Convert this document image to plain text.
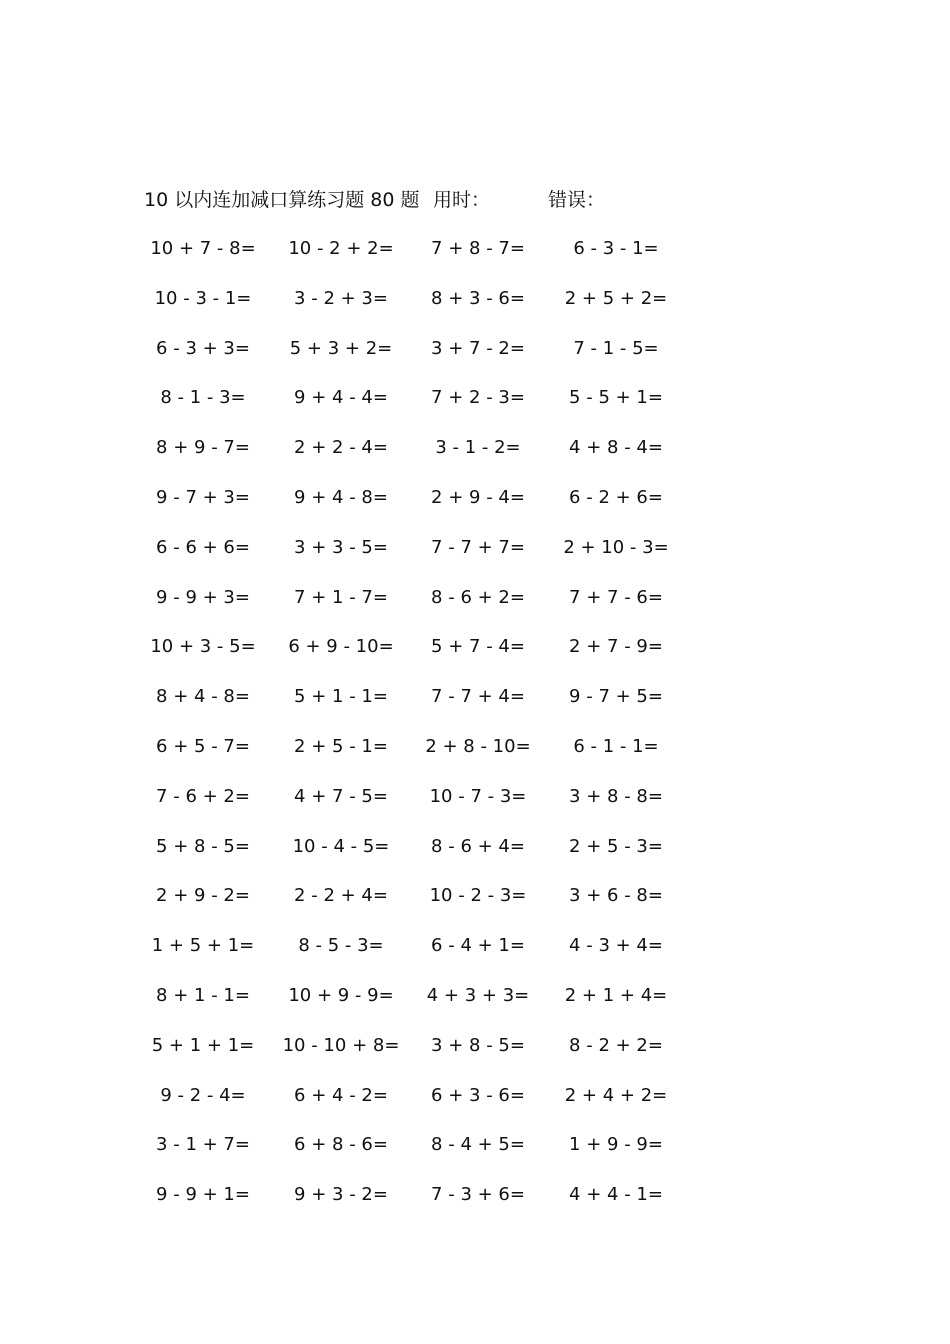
10 以内连加减口算练习题 80 题 用时：	错误：
10 + 7 - 8=	10 - 2 + 2=	7 + 8 - 7=	6 - 3 - 1=
10 - 3 - 1=	3 - 2 + 3=	8 + 3 - 6=	2 + 5 + 2=
6 - 3 + 3=	5 + 3 + 2=	3 + 7 - 2=	7 - 1 - 5=
8 - 1 - 3=	9 + 4 - 4=	7 + 2 - 3=	5 - 5 + 1=
8 + 9 - 7=	2 + 2 - 4=	3 - 1 - 2=	4 + 8 - 4=
9 - 7 + 3=	9 + 4 - 8=	2 + 9 - 4=	6 - 2 + 6=
6 - 6 + 6=	3 + 3 - 5=	7 - 7 + 7=	2 + 10 - 3=
9 - 9 + 3=	7 + 1 - 7=	8 - 6 + 2=	7 + 7 - 6=
10 + 3 - 5=	6 + 9 - 10=	5 + 7 - 4=	2 + 7 - 9=
8 + 4 - 8=	5 + 1 - 1=	7 - 7 + 4=	9 - 7 + 5=
6 + 5 - 7=	2 + 5 - 1=	2 + 8 - 10=	6 - 1 - 1=
7 - 6 + 2=	4 + 7 - 5=	10 - 7 - 3=	3 + 8 - 8=
5 + 8 - 5=	10 - 4 - 5=	8 - 6 + 4=	2 + 5 - 3=
2 + 9 - 2=	2 - 2 + 4=	10 - 2 - 3=	3 + 6 - 8=
1 + 5 + 1=	8 - 5 - 3=	6 - 4 + 1=	4 - 3 + 4=
8 + 1 - 1=	10 + 9 - 9=	4 + 3 + 3=	2 + 1 + 4=
5 + 1 + 1=	10 - 10 + 8=	3 + 8 - 5=	8 - 2 + 2=
9 - 2 - 4=	6 + 4 - 2=	6 + 3 - 6=	2 + 4 + 2=
3 - 1 + 7=	6 + 8 - 6=	8 - 4 + 5=	1 + 9 - 9=
9 - 9 + 1=	9 + 3 - 2=	7 - 3 + 6=	4 + 4 - 1=
